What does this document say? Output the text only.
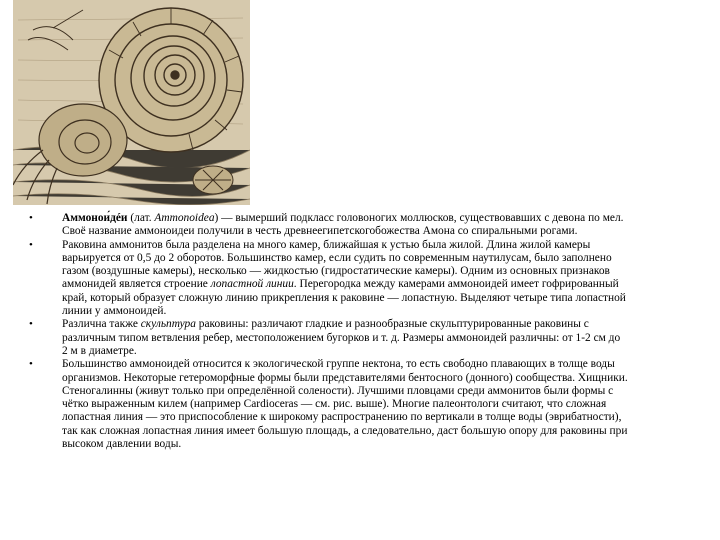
•	Аммонои́дéи (лат. Ammonoidea) — вымерший подкласс головоногих моллюсков, существовавших с девона по мел. Своё название аммоноидеи получили в честь древнеегипетскогобожества Амона со спиральными рогами.
•	Раковина аммонитов была разделена на много камер, ближайшая к устью была жилой. Длина жилой камеры варьируется от 0,5 до 2 оборотов. Большинство камер, если судить по современным наутилусам, было заполнено газом (воздушные камеры), несколько — жидкостью (гидростатические камеры). Одним из основных признаков аммонидей является строение лопастной линии. Перегородка между камерами аммоноидей имеет гофрированный край, который образует сложную линию прикрепления к раковине — лопастную. Выделяют четыре типа лопастной линии у аммоноидей.
•	Различна также скульптура раковины: различают гладкие и разнообразные скульптурированные раковины с различным типом ветвления ребер, местоположением бугорков и т. д. Размеры аммоноидей различны: от 1-2 см до 2 м в диаметре.
•	Большинство аммоноидей относится к экологической группе нектона, то есть свободно плавающих в толще воды организмов. Некоторые гетероморфные формы были представителями бентосного (донного) сообщества. Хищники. Стеногалинны (живут только при определённой солености). Лучшими пловцами среди аммонитов были формы с чётко выраженным килем (например Cardioceras — см. рис. выше). Многие палеонтологи считают, что сложная лопастная линия — это приспособление к широкому распространению по вертикали в толще воды (эврибатности), так как сложная лопастная линия имеет большую площадь, а следовательно, даст большую опору для раковины при высоком давлении воды.
